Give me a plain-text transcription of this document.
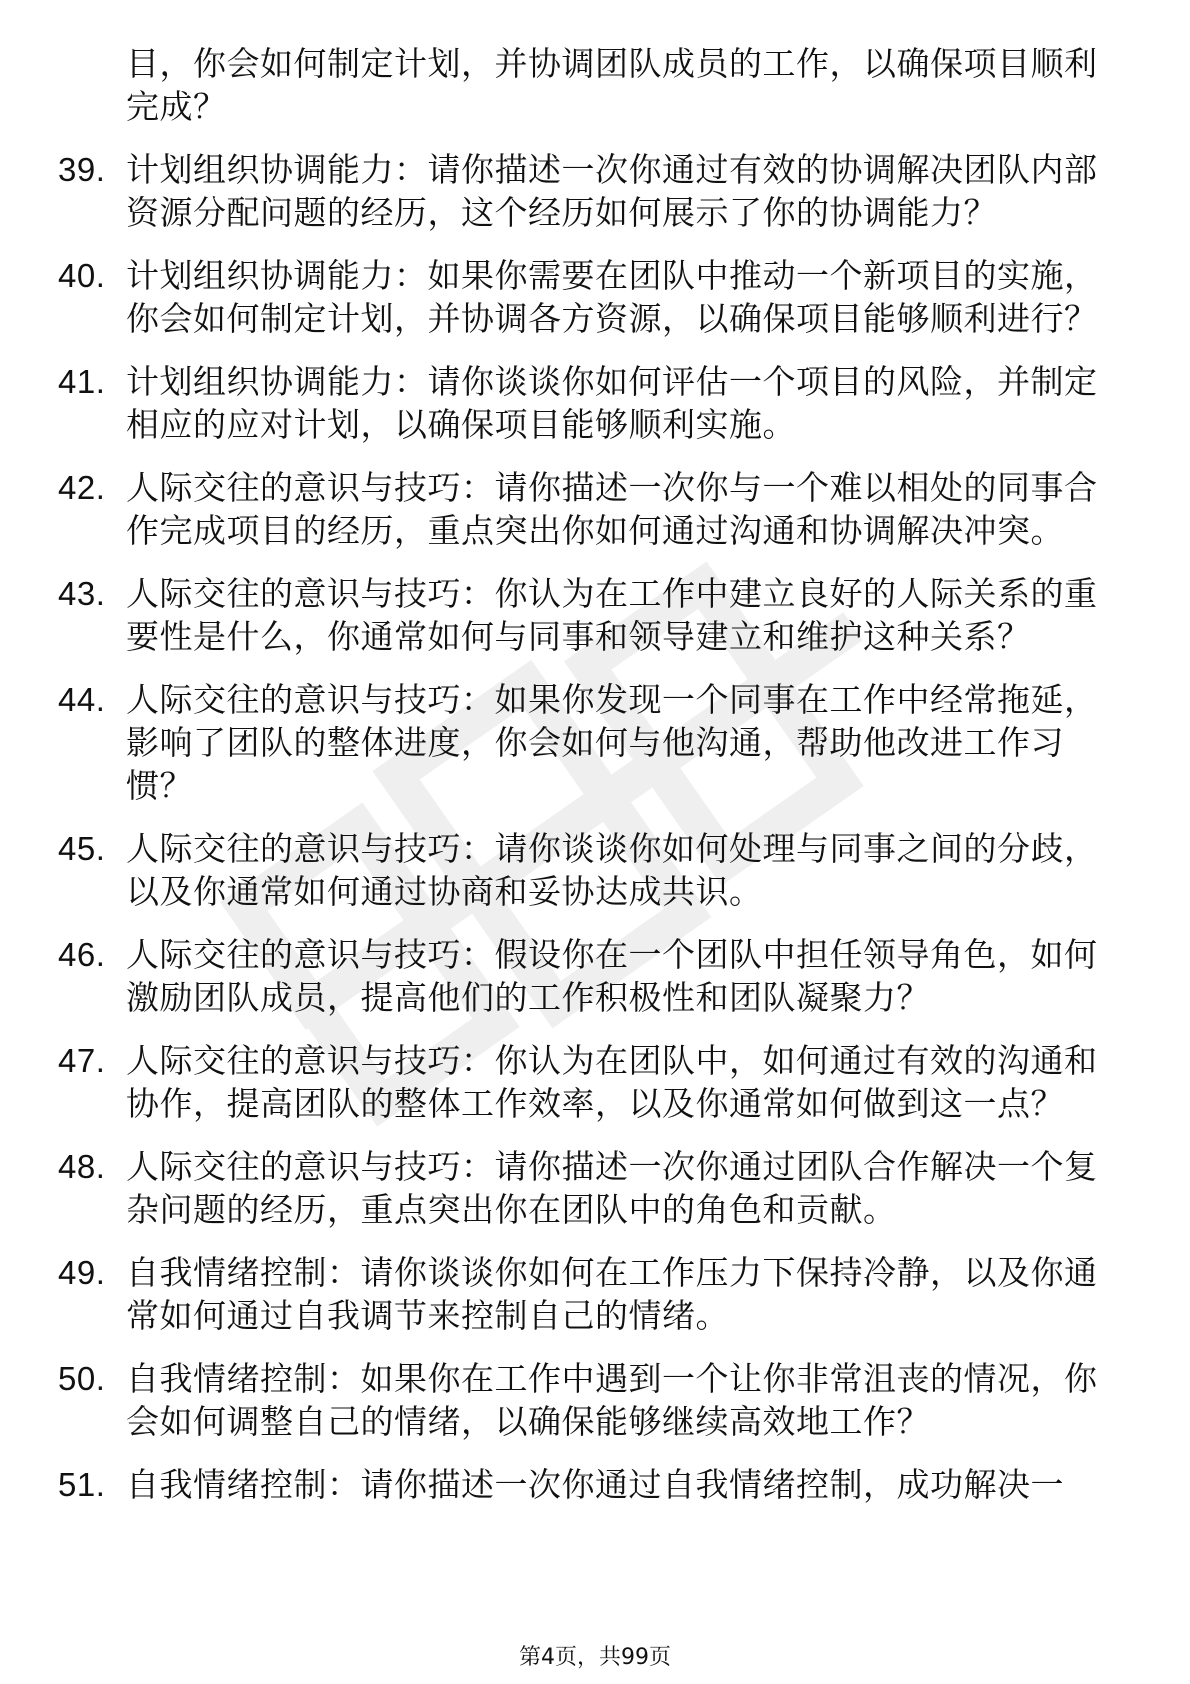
目，你会如何制定计划，并协调团队成员的工作，以确保项目顺利完成？
39. 计划组织协调能力：请你描述一次你通过有效的协调解决团队内部资源分配问题的经历，这个经历如何展示了你的协调能力？
40. 计划组织协调能力：如果你需要在团队中推动一个新项目的实施，你会如何制定计划，并协调各方资源，以确保项目能够顺利进行？
41. 计划组织协调能力：请你谈谈你如何评估一个项目的风险，并制定相应的应对计划，以确保项目能够顺利实施。
42. 人际交往的意识与技巧：请你描述一次你与一个难以相处的同事合作完成项目的经历，重点突出你如何通过沟通和协调解决冲突。
43. 人际交往的意识与技巧：你认为在工作中建立良好的人际关系的重要性是什么，你通常如何与同事和领导建立和维护这种关系？
44. 人际交往的意识与技巧：如果你发现一个同事在工作中经常拖延，影响了团队的整体进度，你会如何与他沟通，帮助他改进工作习惯？
45. 人际交往的意识与技巧：请你谈谈你如何处理与同事之间的分歧，以及你通常如何通过协商和妥协达成共识。
46. 人际交往的意识与技巧：假设你在一个团队中担任领导角色，如何激励团队成员，提高他们的工作积极性和团队凝聚力？
47. 人际交往的意识与技巧：你认为在团队中，如何通过有效的沟通和协作，提高团队的整体工作效率，以及你通常如何做到这一点？
48. 人际交往的意识与技巧：请你描述一次你通过团队合作解决一个复杂问题的经历，重点突出你在团队中的角色和贡献。
49. 自我情绪控制：请你谈谈你如何在工作压力下保持冷静，以及你通常如何通过自我调节来控制自己的情绪。
50. 自我情绪控制：如果你在工作中遇到一个让你非常沮丧的情况，你会如何调整自己的情绪，以确保能够继续高效地工作？
51. 自我情绪控制：请你描述一次你通过自我情绪控制，成功解决一
第4页，共99页
